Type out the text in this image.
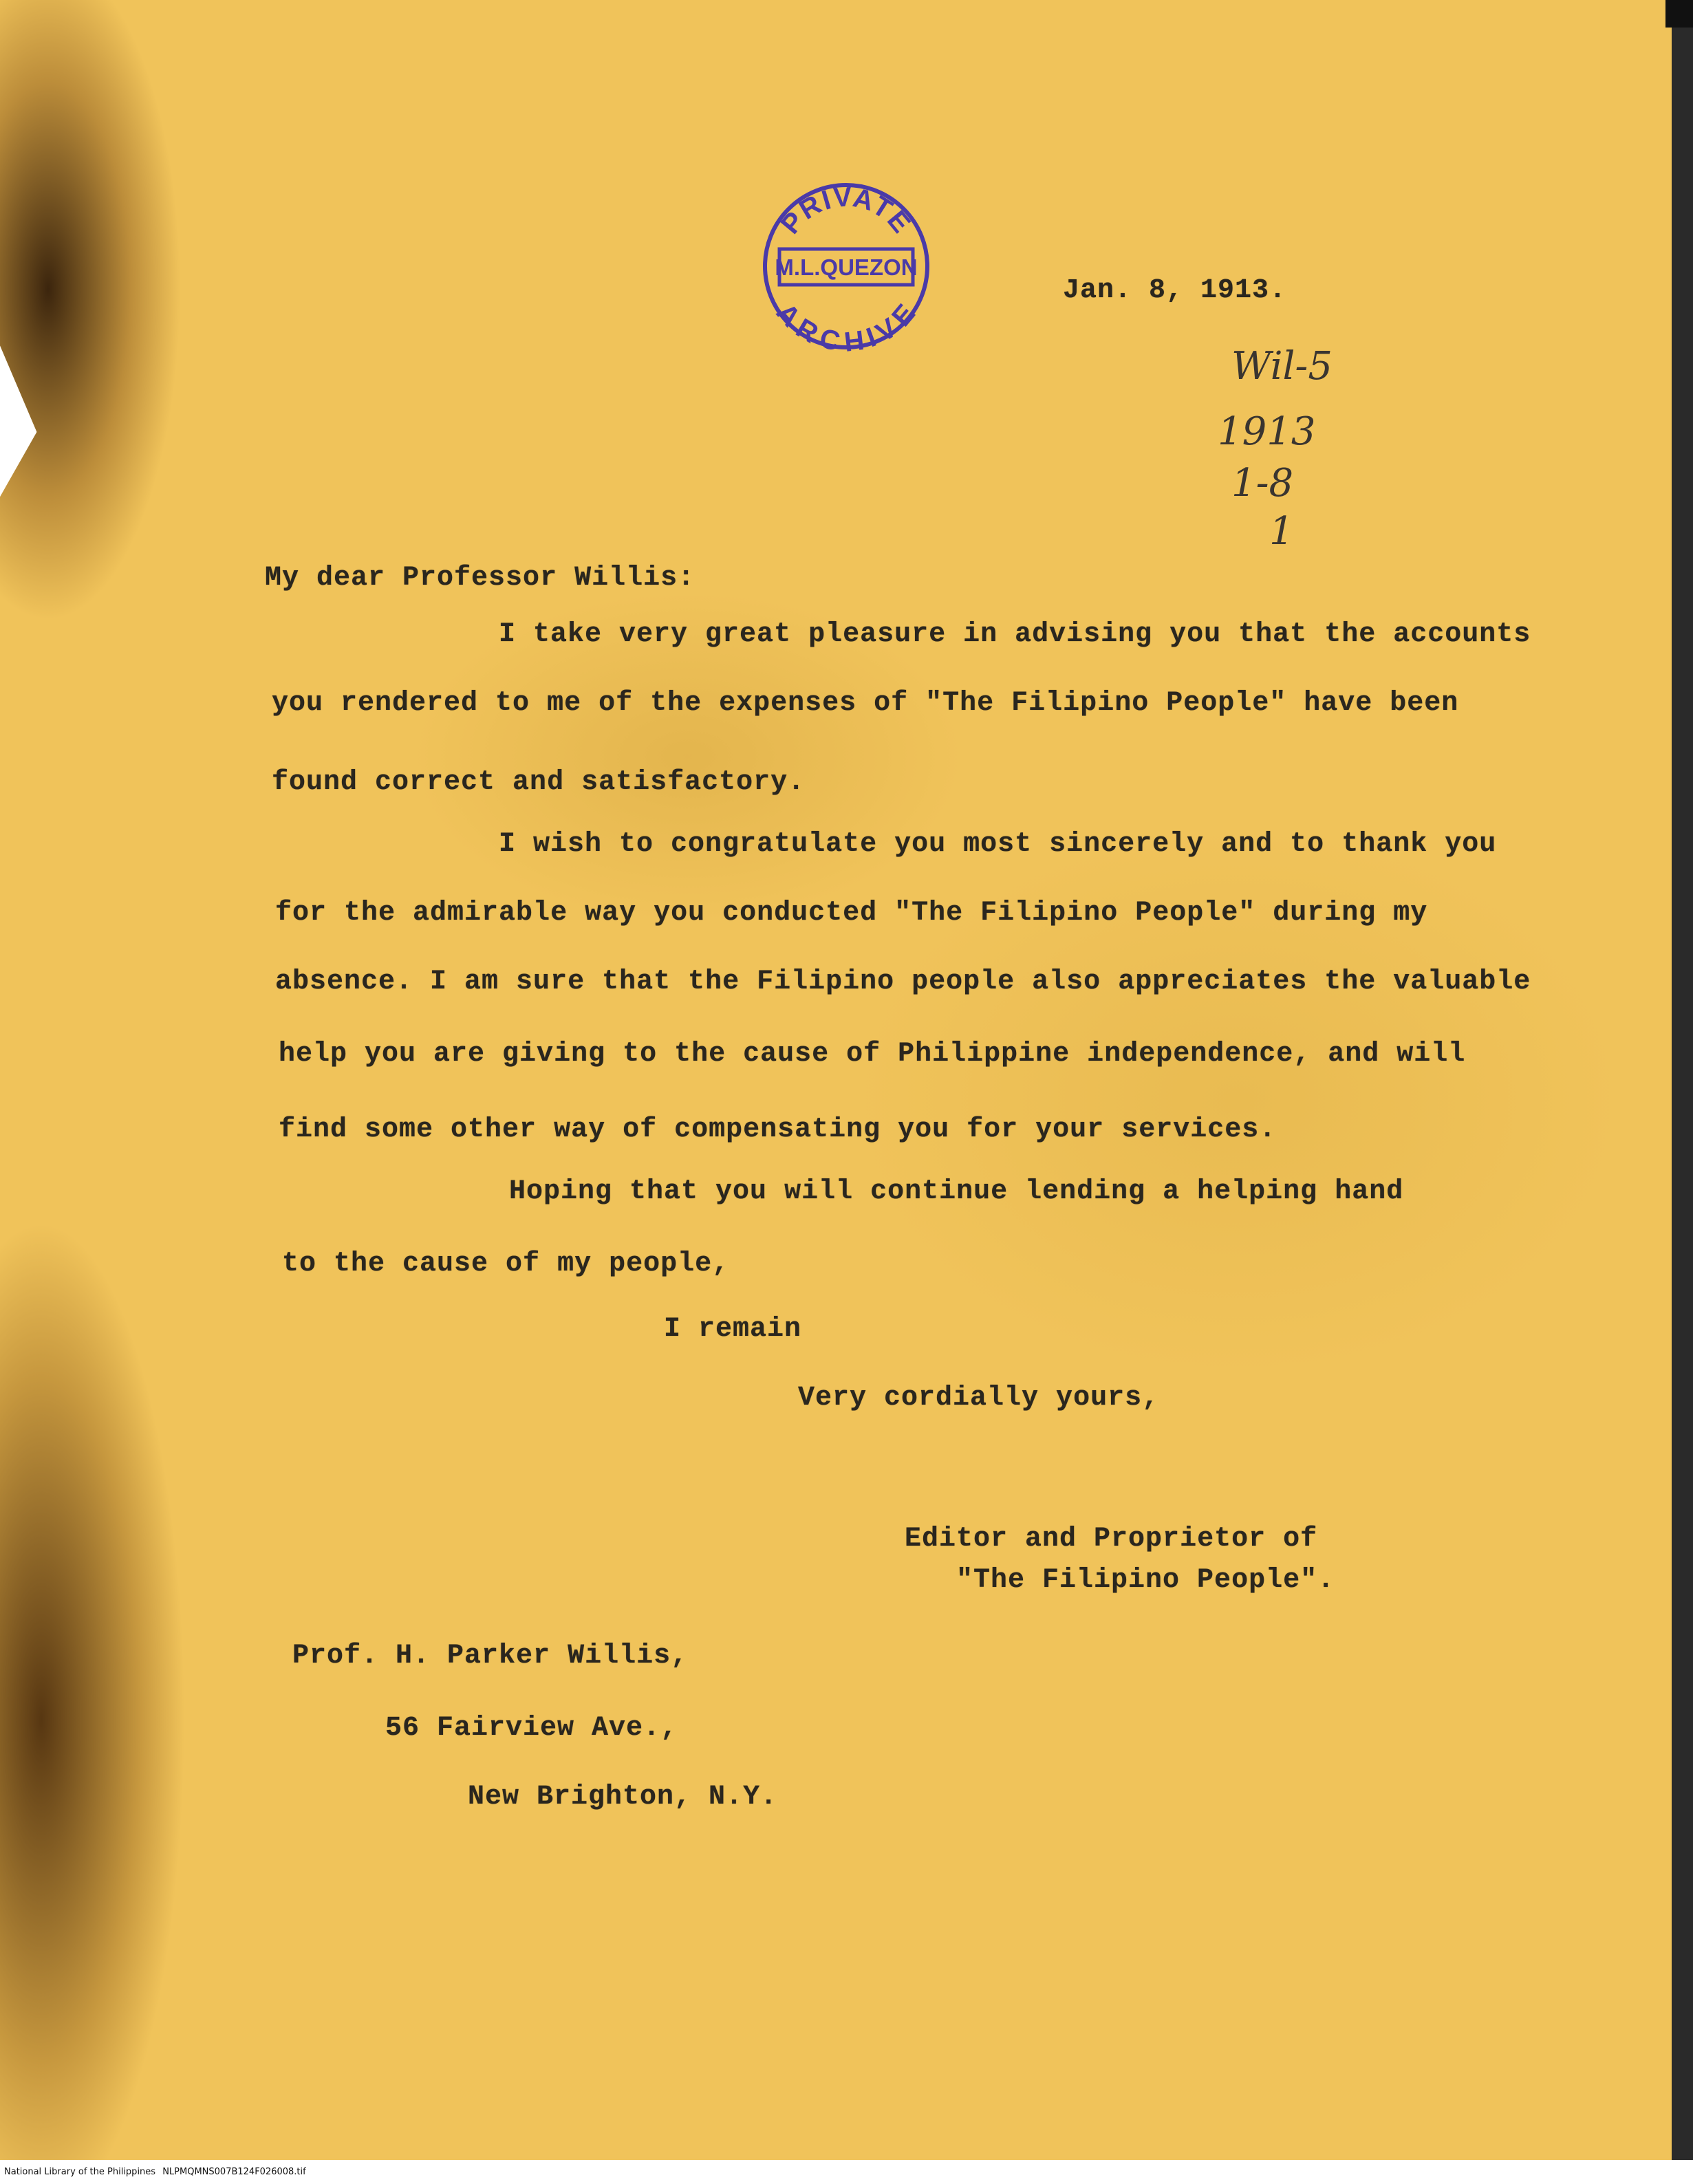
PRIVATE
M.L.QUEZON
ARCHIVE
Jan. 8, 1913.
Wil-5
1913
1-8
1
My dear Professor Willis:
I take very great pleasure in advising you that the accounts
you rendered to me of the expenses of "The Filipino People" have been
found correct and satisfactory.
I wish to congratulate you most sincerely and to thank you
for the admirable way you conducted "The Filipino People" during my
absence. I am sure that the Filipino people also appreciates the valuable
help you are giving to the cause of Philippine independence, and will
find some other way of compensating you for your services.
Hoping that you will continue lending a helping hand
to the cause of my people,
I remain
Very cordially yours,
Editor and Proprietor of
"The Filipino People".
Prof. H. Parker Willis,
56 Fairview Ave.,
New Brighton, N.Y.
National Library of the Philippines NLPMQMNS007B124F026008.tif
